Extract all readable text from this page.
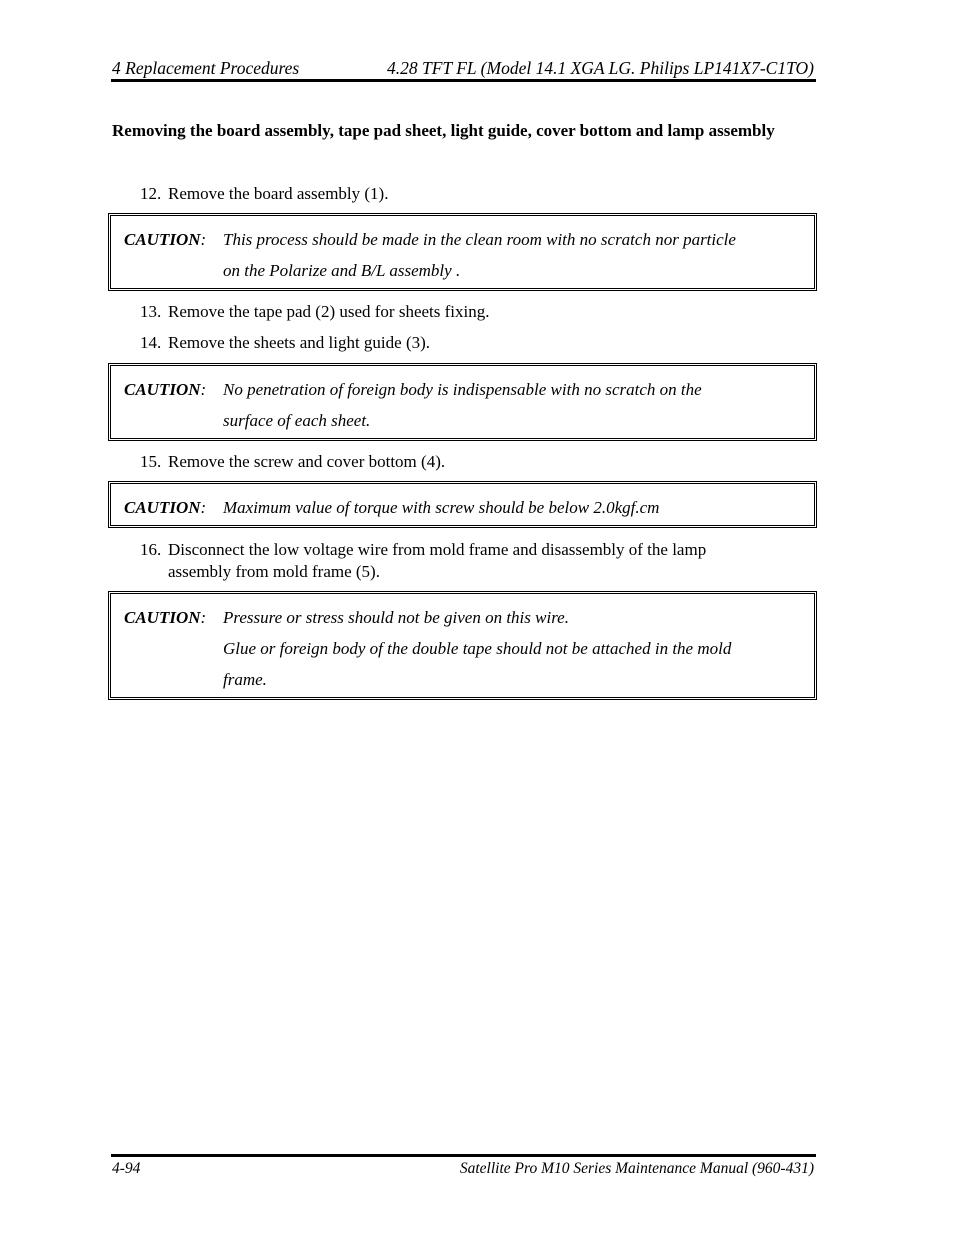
4 Replacement Procedures	4.28 TFT FL (Model 14.1 XGA LG. Philips LP141X7-C1TO)
Removing the board assembly, tape pad sheet, light guide, cover bottom and lamp assembly
12. Remove the board assembly (1).
CAUTION: This process should be made in the clean room with no scratch nor particle
on the Polarize and B/L assembly .
13. Remove the tape pad (2) used for sheets fixing.
14. Remove the sheets and light guide (3).
CAUTION: No penetration of foreign body is indispensable with no scratch on the
surface of each sheet.
15. Remove the screw and cover bottom (4).
CAUTION: Maximum value of torque with screw should be below 2.0kgf.cm
16. Disconnect the low voltage wire from mold frame and disassembly of the lamp assembly from mold frame (5).
CAUTION: Pressure or stress should not be given on this wire.
Glue or foreign body of the double tape should not be attached in the mold
frame.
4-94	Satellite Pro M10 Series Maintenance Manual (960-431)
